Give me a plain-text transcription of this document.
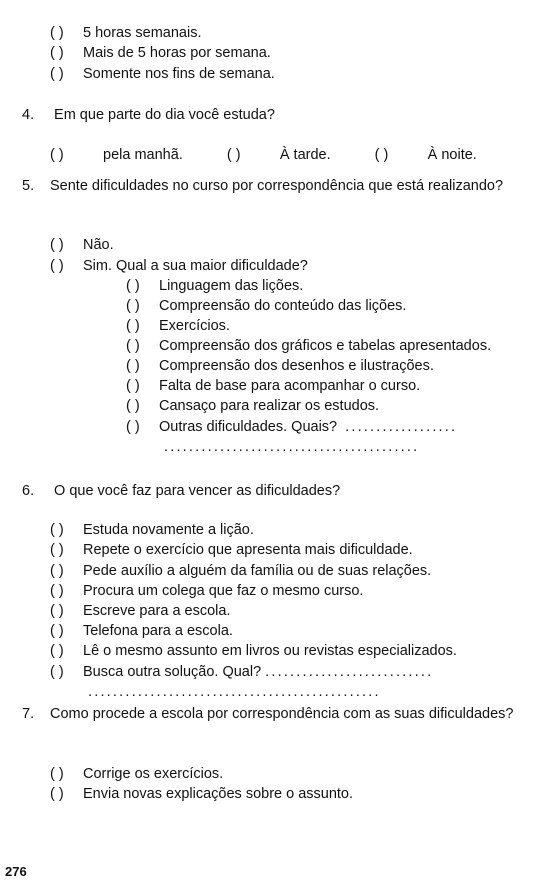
( )	5 horas semanais.
( )	Mais de 5 horas por semana.
( )	Somente nos fins de semana.
4. Em que parte do dia você estuda?
( )	pela manhã.	( )	À tarde.	( )	À noite.
5.	Sente dificuldades no curso por correspondência que está realizando?
( )	Não.
( )	Sim. Qual a sua maior dificuldade?
( )	Linguagem das lições.
( )	Compreensão do conteúdo das lições.
( )	Exercícios.
( )	Compreensão dos gráficos e tabelas apresentados.
( )	Compreensão dos desenhos e ilustrações.
( )	Falta de base para acompanhar o curso.
( )	Cansaço para realizar os estudos.
( )	Outras dificuldades. Quais? ..................
.........................................
6. O que você faz para vencer as dificuldades?
( )	Estuda novamente a lição.
( )	Repete o exercício que apresenta mais dificuldade.
( )	Pede auxílio a alguém da família ou de suas relações.
( )	Procura um colega que faz o mesmo curso.
( )	Escreve para a escola.
( )	Telefona para a escola.
( )	Lê o mesmo assunto em livros ou revistas especializados.
( )	Busca outra solução. Qual? ...........................
...............................................
7.	Como procede a escola por correspondência com as suas dificuldades?
( )	Corrige os exercícios.
( )	Envia novas explicações sobre o assunto.
276
